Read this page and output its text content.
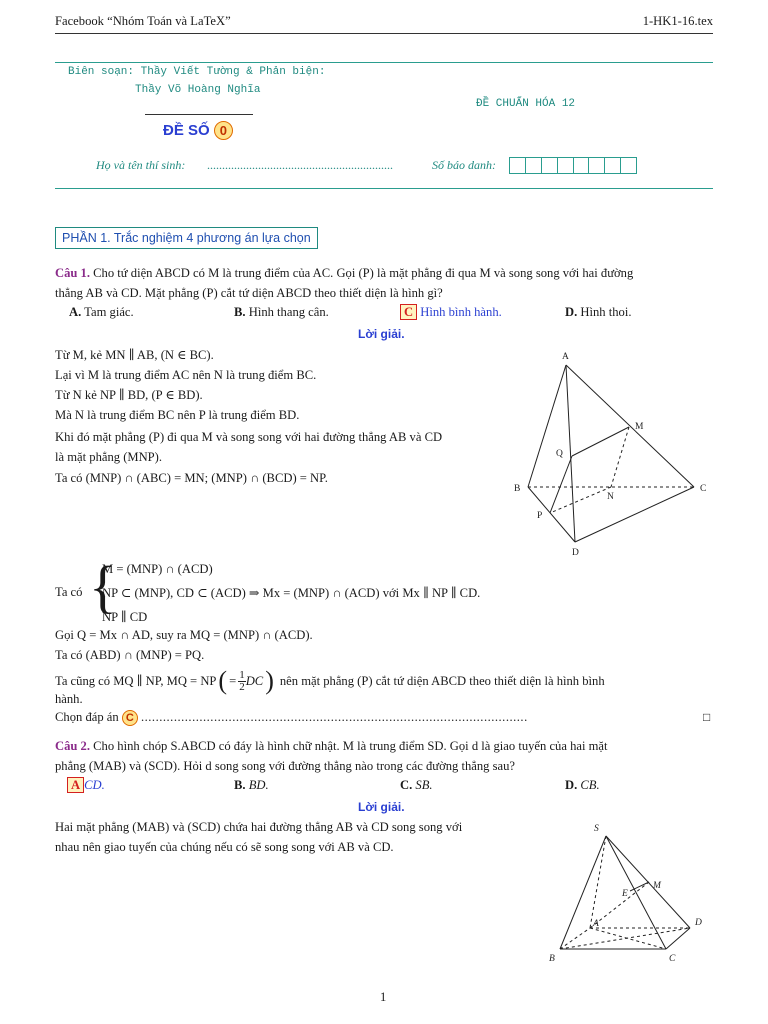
Facebook “Nhóm Toán và LaTeX”	1-HK1-16.tex
Biên soạn: Thầy Viết Tường & Phản biện:
Thầy Võ Hoàng Nghĩa
ĐỀ CHUẨN HÓA 12
ĐỀ SỐ 0
Họ và tên thí sinh: ..............................................................	Số báo danh:
PHẦN 1. Trắc nghiệm 4 phương án lựa chọn
Câu 1. Cho tứ diện ABCD có M là trung điểm của AC. Gọi (P) là mặt phẳng đi qua M và song song với hai đường
thẳng AB và CD. Mặt phẳng (P) cắt tứ diện ABCD theo thiết diện là hình gì?
A. Tam giác.	B. Hình thang cân.	C Hình bình hành.	D. Hình thoi.
Lời giải.
Từ M, kẻ MN ∥ AB, (N ∈ BC).
Lại vì M là trung điểm AC nên N là trung điểm BC.
Từ N kẻ NP ∥ BD, (P ∈ BD).
Mà N là trung điểm BC nên P là trung điểm BD.
Khi đó mặt phẳng (P) đi qua M và song song với hai đường thẳng AB và CD
là mặt phẳng (MNP).
Ta có (MNP) ∩ (ABC) = MN; (MNP) ∩ (BCD) = NP.
A
B	C
D
M
N
P
Q
Ta có {
M = (MNP) ∩ (ACD)
NP ⊂ (MNP), CD ⊂ (ACD) ⇒ Mx = (MNP) ∩ (ACD) với Mx ∥ NP ∥ CD.
NP ∥ CD
Gọi Q = Mx ∩ AD, suy ra MQ = (MNP) ∩ (ACD).
Ta có (ABD) ∩ (MNP) = PQ.
Ta cũng có MQ ∥ NP, MQ = NP ( = $\frac{1}{2}$ DC ) nên mặt phẳng (P) cắt tứ diện ABCD theo thiết diện là hình bình
hành.
Chọn đáp án C ..........................................................................................................	□
Câu 2. Cho hình chóp S.ABCD có đáy là hình chữ nhật. M là trung điểm SD. Gọi d là giao tuyến của hai mặt
phẳng (MAB) và (SCD). Hỏi d song song với đường thẳng nào trong các đường thẳng sau?
A CD.	B. BD.	C. SB.	D. CB.
Lời giải.
Hai mặt phẳng (MAB) và (SCD) chứa hai đường thẳng AB và CD song song với
nhau nên giao tuyến của chúng nếu có sẽ song song với AB và CD.
S
A
B	C
D
E
M
1
